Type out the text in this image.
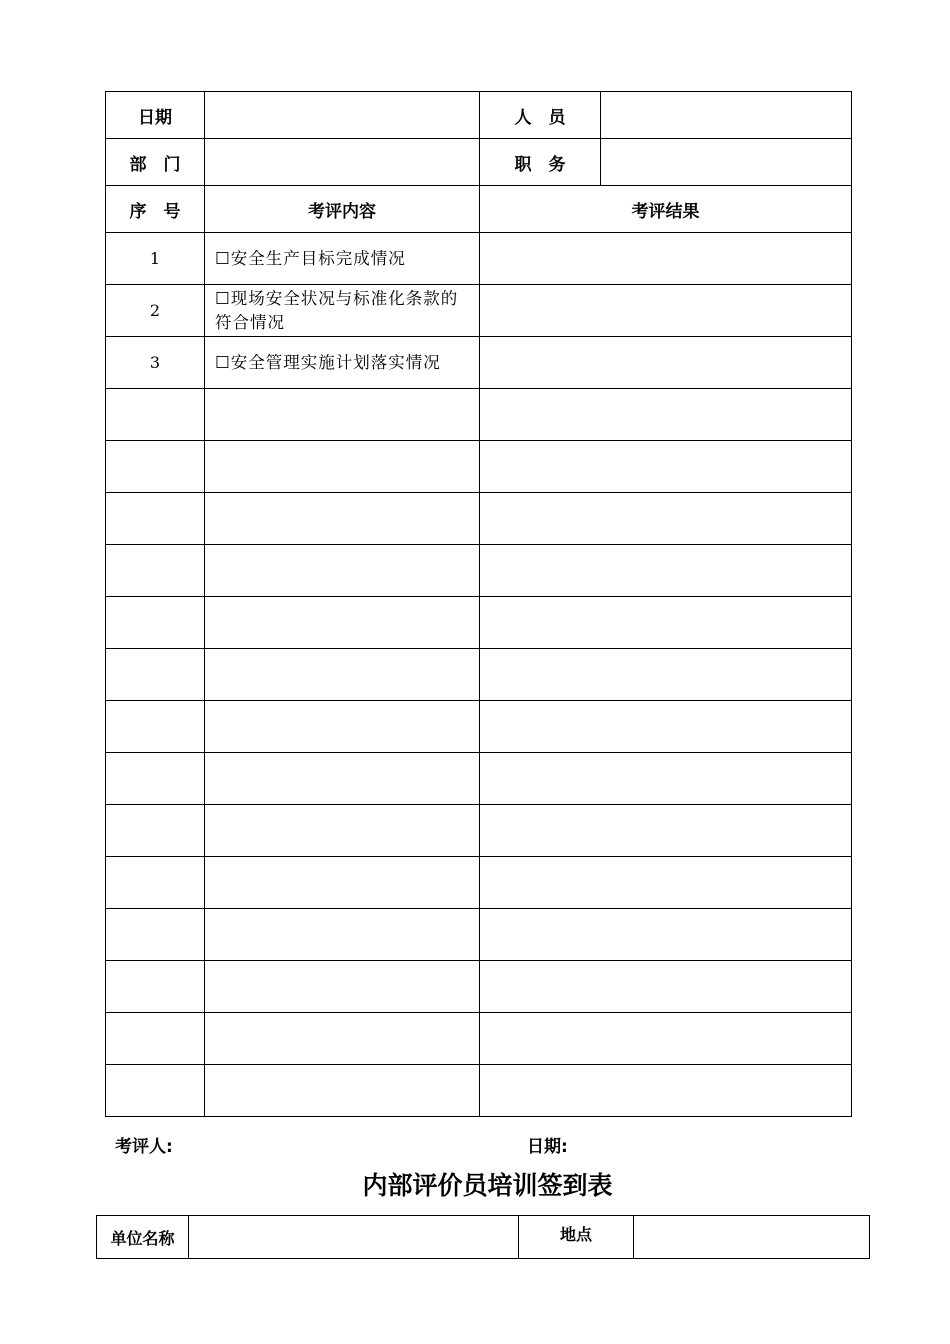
日期		人　员	
部　门		职　务	
序　号	考评内容	考评结果	
1	☐安全生产目标完成情况		
2	☐现场安全状况与标准化条款的符合情况		
3	☐安全管理实施计划落实情况		

考评人:	日期:
内部评价员培训签到表
单位名称		地点	
